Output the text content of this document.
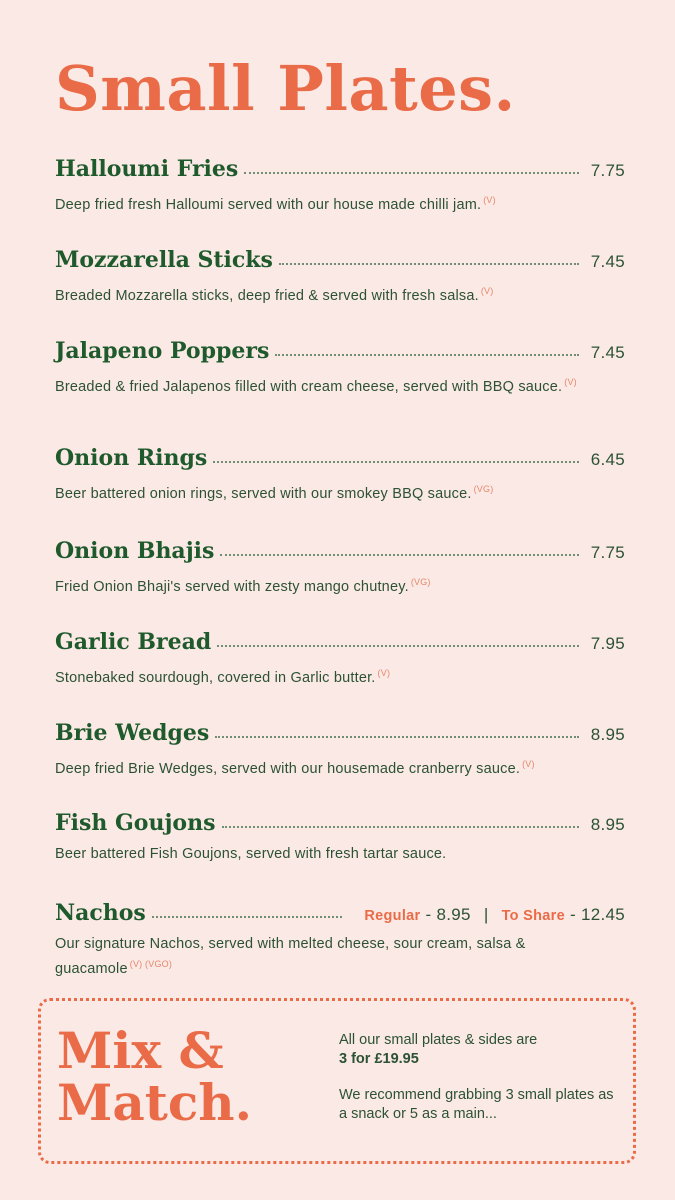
Small Plates.
Halloumi Fries	7.75
Deep fried fresh Halloumi served with our house made chilli jam. $^{(V)}$
Mozzarella Sticks	7.45
Breaded Mozzarella sticks, deep fried & served with fresh salsa. $^{(V)}$
Jalapeno Poppers	7.45
Breaded & fried Jalapenos filled with cream cheese, served with BBQ sauce. $^{(V)}$
Onion Rings	6.45
Beer battered onion rings, served with our smokey BBQ sauce. $^{(VG)}$
Onion Bhajis	7.75
Fried Onion Bhaji's served with zesty mango chutney. $^{(VG)}$
Garlic Bread	7.95
Stonebaked sourdough, covered in Garlic butter. $^{(V)}$
Brie Wedges	8.95
Deep fried Brie Wedges, served with our housemade cranberry sauce. $^{(V)}$
Fish Goujons	8.95
Beer battered Fish Goujons, served with fresh tartar sauce.
Nachos	Regular - 8.95 | To Share - 12.45
Our signature Nachos, served with melted cheese, sour cream, salsa & guacamole $^{(V) (VGO)}$
Mix &
Match.

All our small plates & sides are
3 for £19.95

We recommend grabbing 3 small plates as a snack or 5 as a main...
